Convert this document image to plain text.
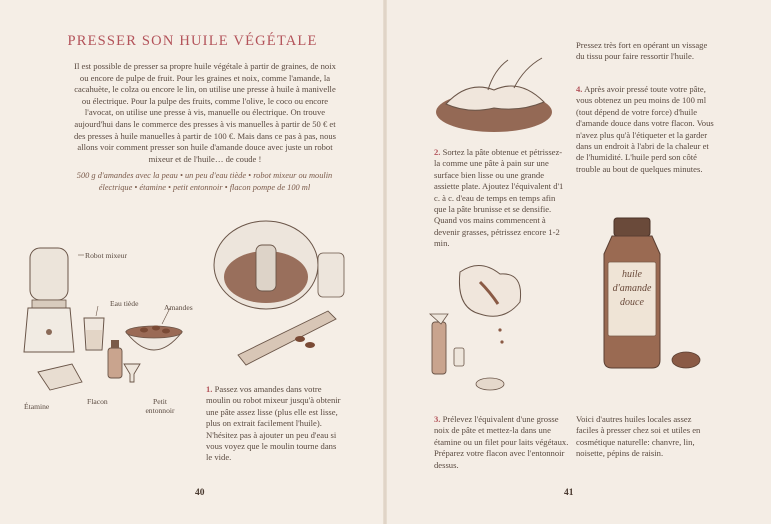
PRESSER SON HUILE VÉGÉTALE
Il est possible de presser sa propre huile végétale à partir de graines, de noix ou encore de pulpe de fruit. Pour les graines et noix, comme l'amande, la cacahuète, le colza ou encore le lin, on utilise une presse à huile à manivelle ou électrique. Pour la pulpe des fruits, comme l'olive, le coco ou encore l'avocat, on utilise une presse à vis, manuelle ou électrique. On trouve aujourd'hui dans le commerce des presses à vis manuelles à partir de 50 € et des presses à huile manuelles à partir de 100 €. Mais dans ce pas à pas, nous allons voir comment presser son huile d'amande douce avec juste un robot mixeur et de l'huile… de coude !
500 g d'amandes avec la peau • un peu d'eau tiède • robot mixeur ou moulin électrique • étamine • petit entonnoir • flacon pompe de 100 ml
Robot mixeur
Eau tiède	Amandes
Étamine
Flacon	Petit entonnoir
1. Passez vos amandes dans votre moulin ou robot mixeur jusqu'à obtenir une pâte assez lisse (plus elle est lisse, plus on extrait facilement l'huile). N'hésitez pas à ajouter un peu d'eau si vous voyez que le moulin tourne dans le vide.
40
2. Sortez la pâte obtenue et pétrissez-la comme une pâte à pain sur une surface bien lisse ou une grande assiette plate. Ajoutez l'équivalent d'1 c. à c. d'eau de temps en temps afin que la pâte brunisse et se densifie. Quand vos mains commencent à devenir grasses, pétrissez encore 1-2 min.
Pressez très fort en opérant un vissage du tissu pour faire ressortir l'huile.
4. Après avoir pressé toute votre pâte, vous obtenez un peu moins de 100 ml (tout dépend de votre force) d'huile d'amande douce dans votre flacon. Vous n'avez plus qu'à l'étiqueter et la garder dans un endroit à l'abri de la chaleur et de l'humidité. L'huile perd son côté trouble au bout de quelques minutes.
3. Prélevez l'équivalent d'une grosse noix de pâte et mettez-la dans une étamine ou un filet pour laits végétaux. Préparez votre flacon avec l'entonnoir dessus.
huile d'amande douce
Voici d'autres huiles locales assez faciles à presser chez soi et utiles en cosmétique naturelle: chanvre, lin, noisette, pépins de raisin.
41
